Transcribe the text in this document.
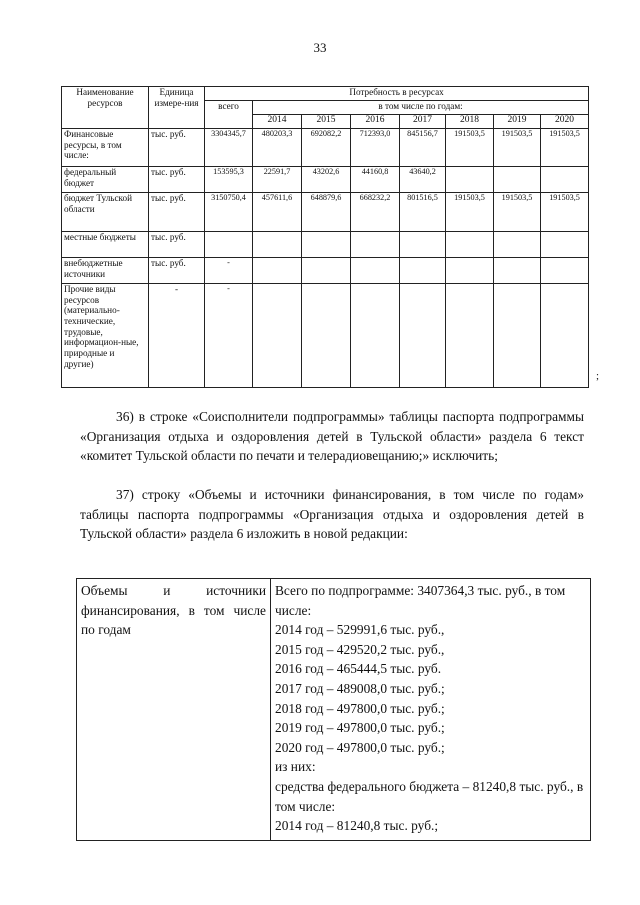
33
Наименование ресурсов	Единица измере-ния	Потребность в ресурсах							
		всего	в том числе по годам:						
			2014	2015	2016	2017	2018	2019	2020
Финансовые ресурсы, в том числе:	тыс. руб.	3304345,7	480203,3	692082,2	712393,0	845156,7	191503,5	191503,5	191503,5
федеральный бюджет	тыс. руб.	153595,3	22591,7	43202,6	44160,8	43640,2			
бюджет Тульской области	тыс. руб.	3150750,4	457611,6	648879,6	668232,2	801516,5	191503,5	191503,5	191503,5
местные бюджеты	тыс. руб.								
внебюджетные источники	тыс. руб.	-							
Прочие виды ресурсов (материально-технические, трудовые, информацион-ные, природные и другие)	-	-							
;
36) в строке «Соисполнители подпрограммы» таблицы паспорта подпрограммы «Организация отдыха и оздоровления детей в Тульской области» раздела 6 текст «комитет Тульской области по печати и телерадиовещанию;» исключить;
37) строку «Объемы и источники финансирования, в том числе по годам» таблицы паспорта подпрограммы «Организация отдыха и оздоровления детей в Тульской области» раздела 6 изложить в новой редакции:
Объемы и источники финансирования, в том числе по годам	
Всего по подпрограмме: 3407364,3 тыс. руб., в том числе:
2014 год – 529991,6 тыс. руб.,
2015 год – 429520,2 тыс. руб.,
2016 год – 465444,5 тыс. руб.
2017 год – 489008,0 тыс. руб.;
2018 год – 497800,0 тыс. руб.;
2019 год – 497800,0 тыс. руб.;
2020 год – 497800,0 тыс. руб.;
из них:
средства федерального бюджета – 81240,8 тыс. руб., в том числе:
2014 год – 81240,8 тыс. руб.;
